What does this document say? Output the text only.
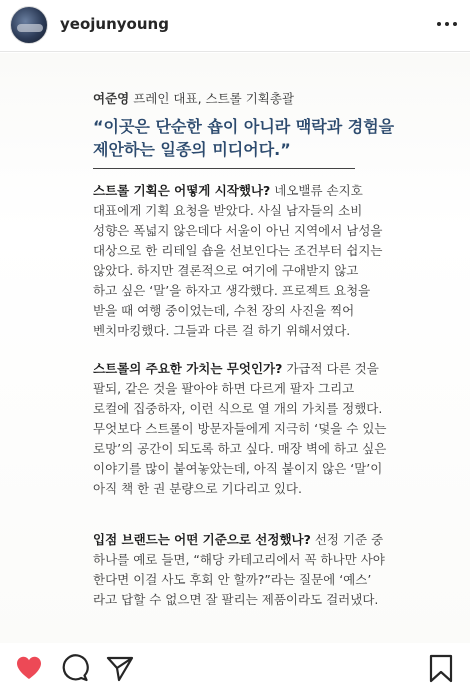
yeojunyoung
여준영 프레인 대표, 스트롤 기획총괄
“이곳은 단순한 숍이 아니라 맥락과 경험을
제안하는 일종의 미디어다.”
스트롤 기획은 어떻게 시작했나? 네오밸류 손지호
대표에게 기획 요청을 받았다. 사실 남자들의 소비
성향은 폭넓지 않은데다 서울이 아닌 지역에서 남성을
대상으로 한 리테일 숍을 선보인다는 조건부터 쉽지는
않았다. 하지만 결론적으로 여기에 구애받지 않고
하고 싶은 ‘말’을 하자고 생각했다. 프로젝트 요청을
받을 때 여행 중이었는데, 수천 장의 사진을 찍어
벤치마킹했다. 그들과 다른 걸 하기 위해서였다.
스트롤의 주요한 가치는 무엇인가? 가급적 다른 것을
팔되, 같은 것을 팔아야 하면 다르게 팔자 그리고
로컬에 집중하자, 이런 식으로 열 개의 가치를 정했다.
무엇보다 스트롤이 방문자들에게 지극히 ‘덫을 수 있는
로망’의 공간이 되도록 하고 싶다. 매장 벽에 하고 싶은
이야기를 많이 붙여놓았는데, 아직 붙이지 않은 ‘말’이
아직 책 한 권 분량으로 기다리고 있다.
입점 브랜드는 어떤 기준으로 선정했나? 선정 기준 중
하나를 예로 들면, “해당 카테고리에서 꼭 하나만 사야
한다면 이걸 사도 후회 안 할까?”라는 질문에 ‘예스’
라고 답할 수 없으면 잘 팔리는 제품이라도 걸러냈다.
